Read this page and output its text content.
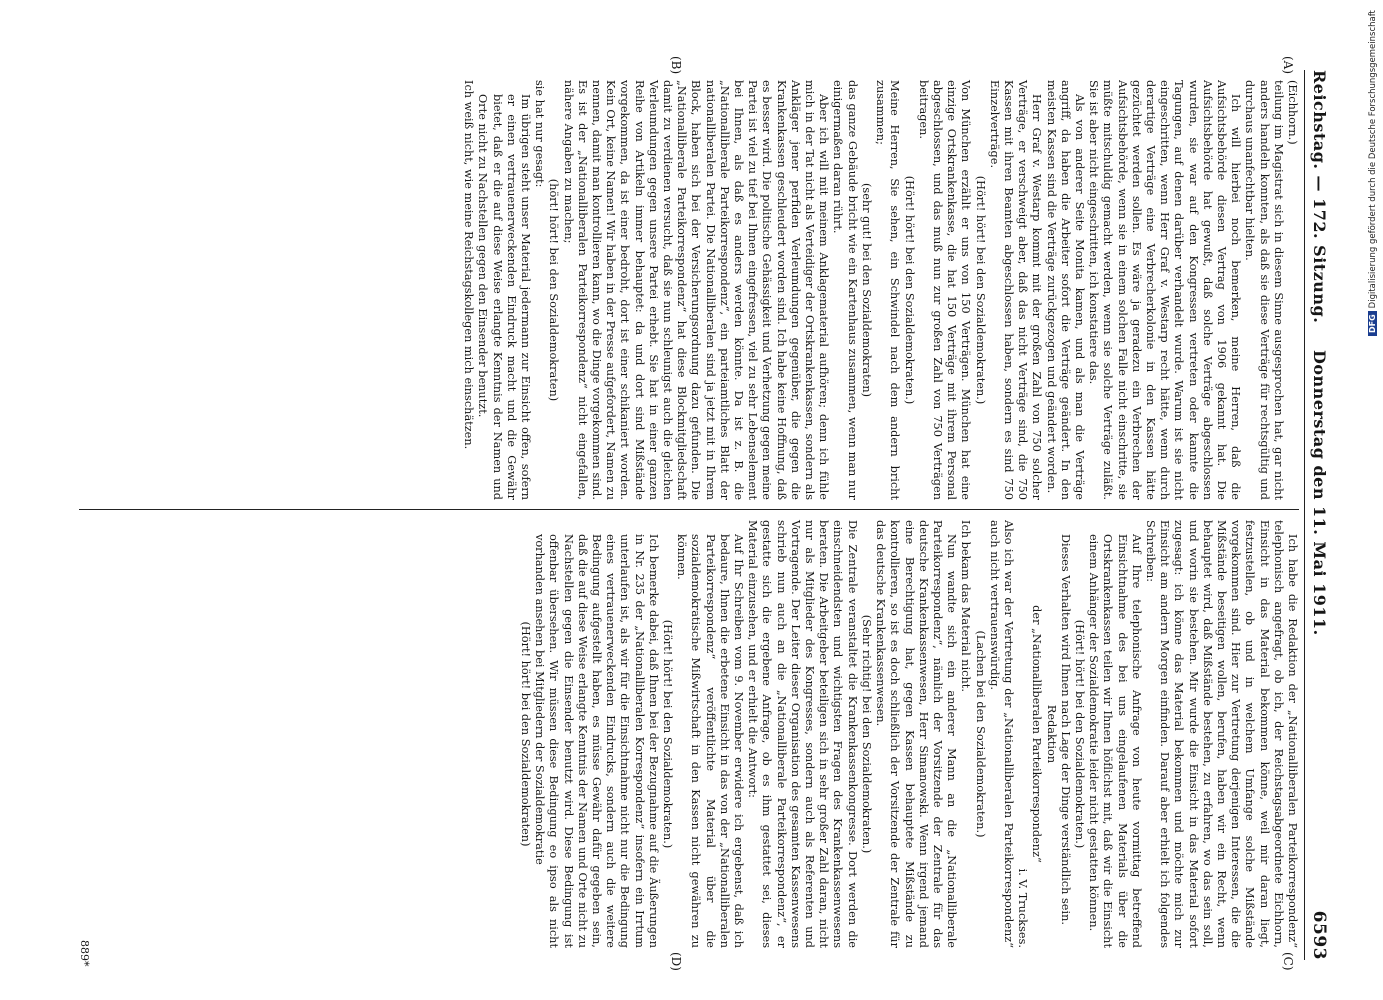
Reichstag. — 172. Sitzung.
Donnerstag den 11. Mai 1911.
6593
(A)
(B)
(C)
(D)

(Eichhorn.)

teilung im Magistrat sich in diesem Sinne ausgesprochen hat, gar nicht anders handeln konnten, als daß sie diese Verträge für rechtsgültig und durchaus unanfechtbar hielten.

Ich will hierbei noch bemerken, meine Herren, daß die Aufsichtsbehörde diesen Vertrag von 1906 gekannt hat. Die Aufsichtsbehörde hat gewußt, daß solche Verträge abgeschlossen wurden, sie war auf den Kongressen vertreten oder kannte die Tagungen, auf denen darüber verhandelt wurde. Warum ist sie nicht eingeschritten, wenn Herr Graf v. Westarp recht hätte, wenn durch derartige Verträge eine Verbrecherkolonie in den Kassen hätte gezüchtet werden sollen. Es wäre ja geradezu ein Verbrechen der Aufsichtsbehörde, wenn sie in einem solchen Falle nicht einschritte, sie müßte mitschuldig gemacht werden, wenn sie solche Verträge zuläßt. Sie ist aber nicht eingeschritten, ich konstatiere das.

Als von anderer Seite Monita kamen, und als man die Verträge angriff, da haben die Arbeiter sofort die Verträge geändert. In den meisten Kassen sind die Verträge zurückgezogen und geändert worden.

Herr Graf v. Westarp kommt mit der großen Zahl von 750 solcher Verträge, er verschweigt aber, daß das nicht Verträge sind, die 750 Kassen mit ihren Beamten abgeschlossen haben, sondern es sind 750 Einzelverträge.

(Hört! hört! bei den Sozialdemokraten.)

Von München erzählt er uns von 150 Verträgen. München hat eine einzige Ortskrankenkasse, die hat 150 Verträge mit ihrem Personal abgeschlossen, und das muß nun zur großen Zahl von 750 Verträgen beitragen.

(Hört! hört! bei den Sozialdemokraten.)

Meine Herren, Sie sehen, ein Schwindel nach dem andern bricht zusammen;

(sehr gut! bei den Sozialdemokraten)

das ganze Gebäude bricht wie ein Kartenhaus zusammen, wenn man nur einigermaßen daran rührt.

Aber ich will mit meinem Anklagematerial aufhören; denn ich fühle mich in der Tat nicht als Verteidiger der Ortskrankenkassen, sondern als Ankläger jener perfiden Verleumdungen gegenüber, die gegen die Krankenkassen geschleudert worden sind. Ich habe keine Hoffnung, daß es besser wird. Die politische Gehässigkeit und Verhetzung gegen meine Partei ist viel zu tief bei Ihnen eingefressen, viel zu sehr Lebenselement bei Ihnen, als daß es anders werden könnte. Da ist z. B. die „Nationalliberale Parteikorrespondenz“, ein parteiamtliches Blatt der nationalliberalen Partei. Die Nationalliberalen sind ja jetzt mit in Ihrem Block, haben sich bei der Versicherungsordnung dazu gefunden. Die „Nationalliberale Parteikorrespondenz“ hat diese Blockmitgliedschaft damit zu verdienen versucht, daß sie nun schleunigst auch die gleichen Verleumdungen gegen unsere Partei erhebt. Sie hat in einer ganzen Reihe von Artikeln immer behauptet: da und dort sind Mißstände vorgekommen, da ist einer bedroht, dort ist einer schikaniert worden. Kein Ort, keine Namen! Wir haben in der Presse aufgefordert, Namen zu nennen, damit man kontrollieren kann, wo die Dinge vorgekommen sind. Es ist der „Nationalliberalen Parteikorrespondenz“ nicht eingefallen, nähere Angaben zu machen;

(hört! hört! bei den Sozialdemokraten)

sie hat nur gesagt:

Im übrigen steht unser Material jedermann zur Einsicht offen, sofern er einen vertrauenerweckenden Eindruck macht und die Gewähr bietet, daß er die auf diese Weise erlangte Kenntnis der Namen und Orte nicht zu Nachstellen gegen den Einsender benutzt.

Ich weiß nicht, wie meine Reichstagskollegen mich einschätzen.

Ich habe die Redaktion der „Nationalliberalen Parteikorrespondenz“ telephonisch angefragt, ob ich, der Reichstagsabgeordnete Eichhorn, Einsicht in das Material bekommen könne, weil mir daran liegt, festzustellen, ob und in welchem Umfange solche Mißstände vorgekommen sind. Hier zur Vertretung derjenigen Interessen, die die Mißstände beseitigen wollen, berufen, haben wir ein Recht, wenn behauptet wird, daß Mißstände bestehen, zu erfahren, wo das sein soll, und worin sie bestehen. Mir wurde die Einsicht in das Material sofort zugesagt: ich könne das Material bekommen und möchte mich zur Einsicht am andern Morgen einfinden. Darauf aber erhielt ich folgendes Schreiben:

Auf Ihre telephonische Anfrage von heute vormittag betreffend Einsichtnahme des bei uns eingelaufenen Materials über die Ortskrankenkassen teilen wir Ihnen höflichst mit, daß wir die Einsicht einem Anhänger der Sozialdemokratie leider nicht gestatten können.

(Hört! hört! bei den Sozialdemokraten.)

Dieses Verhalten wird Ihnen nach Lage der Dinge verständlich sein.

Redaktion

der „Nationalliberalen Parteikorrespondenz“

i. V. Truckses.

Also ich war der Vertretung der „Nationalliberalen Parteikorrespondenz“ auch nicht vertrauenswürdig.

(Lachen bei den Sozialdemokraten.)

Ich bekam das Material nicht.

Nun wandte sich ein anderer Mann an die „Nationalliberale Parteikorrespondenz“, nämlich der Vorsitzende der Zentrale für das deutsche Krankenkassenwesen, Herr Simanowski. Wenn irgend jemand eine Berechtigung hat, gegen Kassen behauptete Mißstände zu kontrollieren, so ist es doch schließlich der Vorsitzende der Zentrale für das deutsche Krankenkassenwesen.

(Sehr richtig! bei den Sozialdemokraten.)

Die Zentrale veranstaltet die Krankenkassenkongresse. Dort werden die einschneidendsten und wichtigsten Fragen des Krankenkassenwesens beraten. Die Arbeitgeber beteiligen sich in sehr großer Zahl daran, nicht nur als Mitglieder des Kongresses, sondern auch als Referenten und Vortragende. Der Leiter dieser Organisation des gesamten Kassenwesens schrieb nun auch an die „Nationalliberale Parteikorrespondenz“, er gestatte sich die ergebene Anfrage, ob es ihm gestattet sei, dieses Material einzusehen, und er erhielt die Antwort:

Auf Ihr Schreiben vom 9. November erwidere ich ergebenst, daß ich bedaure, Ihnen die erbetene Einsicht in das von der „Nationalliberalen Parteikorrespondenz“ veröffentlichte Material über die sozialdemokratische Mißwirtschaft in den Kassen nicht gewähren zu können.

(Hört! hört! bei den Sozialdemokraten.)

Ich bemerke dabei, daß Ihnen bei der Bezugnahme auf die Äußerungen in Nr. 235 der „Nationalliberalen Korrespondenz“ insofern ein Irrtum unterlaufen ist, als wir für die Einsichtnahme nicht nur die Bedingung eines vertrauenerweckenden Eindrucks, sondern auch die weitere Bedingung aufgestellt haben, es müsse Gewähr dafür gegeben sein, daß die auf diese Weise erlangte Kenntnis der Namen und Orte nicht zu Nachstellen gegen die Einsender benutzt wird. Diese Bedingung ist offenbar übersehen. Wir müssen diese Bedingung eo ipso als nicht vorhanden ansehen bei Mitgliedern der Sozialdemokratie

(Hört! hört! bei den Sozialdemokraten)

889*
DFGDigitalisierung gefördert durch die Deutsche Forschungsgemeinschaft
